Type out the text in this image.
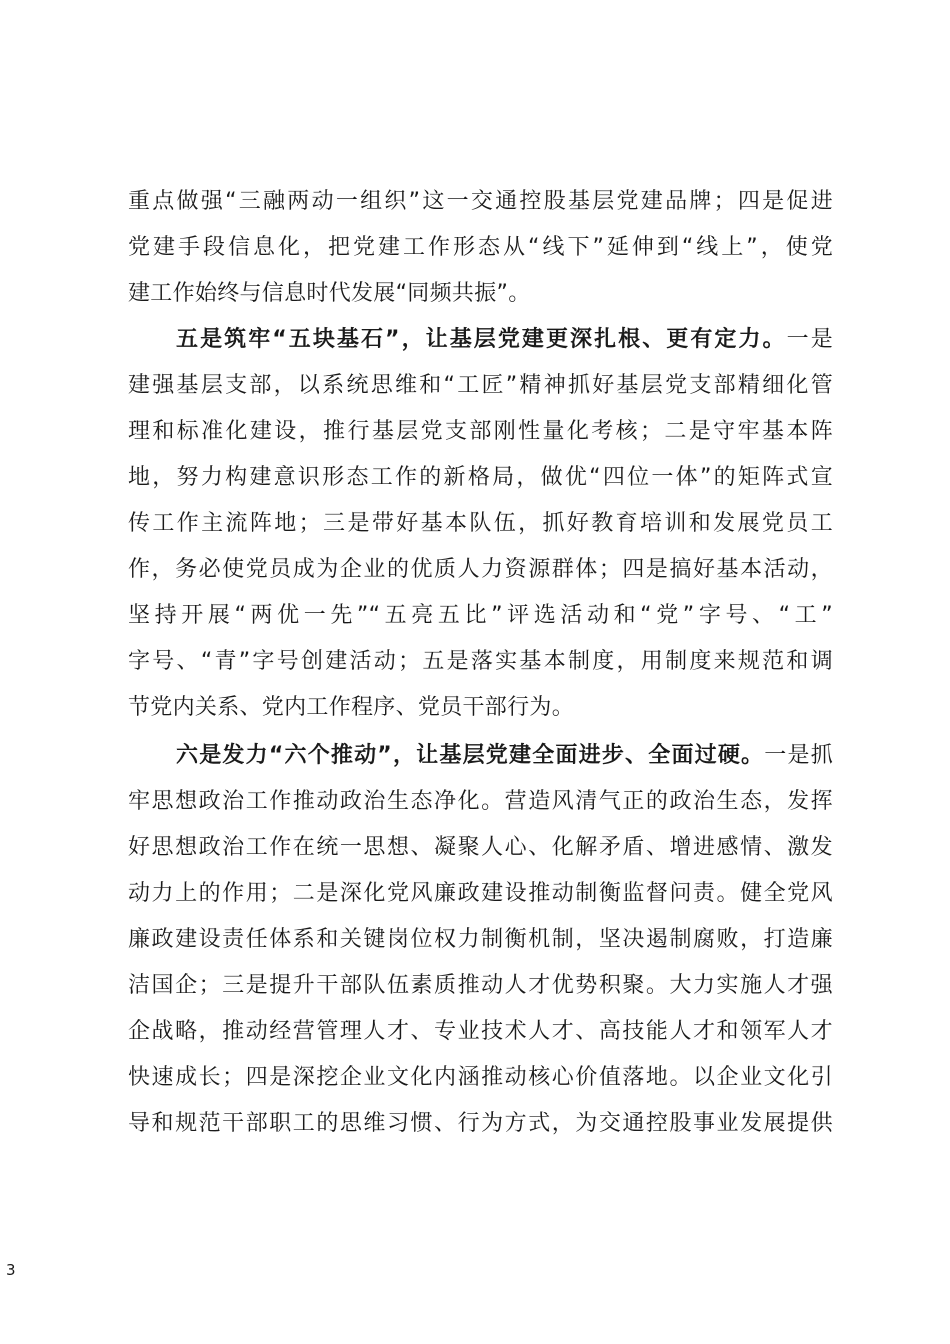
重点做强“三融两动一组织”这一交通控股基层党建品牌；四是促进
党建手段信息化，把党建工作形态从“线下”延伸到“线上”，使党
建工作始终与信息时代发展“同频共振”。
五是筑牢“五块基石”，让基层党建更深扎根、更有定力。一是
建强基层支部，以系统思维和“工匠”精神抓好基层党支部精细化管
理和标准化建设，推行基层党支部刚性量化考核；二是守牢基本阵
地，努力构建意识形态工作的新格局，做优“四位一体”的矩阵式宣
传工作主流阵地；三是带好基本队伍，抓好教育培训和发展党员工
作，务必使党员成为企业的优质人力资源群体；四是搞好基本活动，
坚持开展“两优一先”“五亮五比”评选活动和“党”字号、“工”
字号、“青”字号创建活动；五是落实基本制度，用制度来规范和调
节党内关系、党内工作程序、党员干部行为。
六是发力“六个推动”，让基层党建全面进步、全面过硬。一是抓
牢思想政治工作推动政治生态净化。营造风清气正的政治生态，发挥
好思想政治工作在统一思想、凝聚人心、化解矛盾、增进感情、激发
动力上的作用；二是深化党风廉政建设推动制衡监督问责。健全党风
廉政建设责任体系和关键岗位权力制衡机制，坚决遏制腐败，打造廉
洁国企；三是提升干部队伍素质推动人才优势积聚。大力实施人才强
企战略，推动经营管理人才、专业技术人才、高技能人才和领军人才
快速成长；四是深挖企业文化内涵推动核心价值落地。以企业文化引
导和规范干部职工的思维习惯、行为方式，为交通控股事业发展提供
3
